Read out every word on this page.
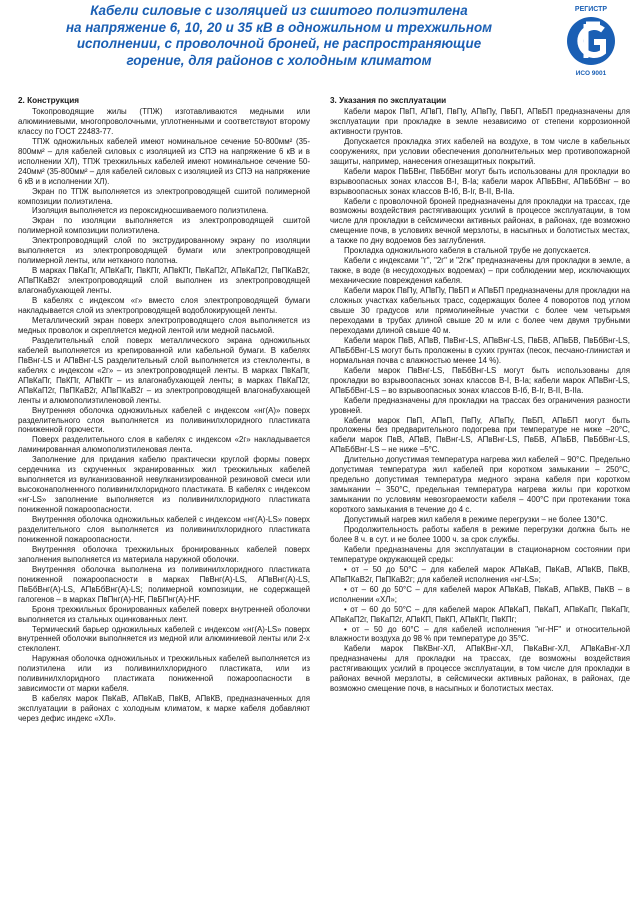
Кабели силовые с изоляцией из сшитого полиэтилена
на напряжение 6, 10, 20 и 35 кВ в одножильном и трехжильном
исполнении, с проволочной броней, не распространяющие
горение, для районов с холодным климатом
РЕГИСТР
ИСО 9001
2. Конструкция

Токопроводящие жилы (ТПЖ) изготавливаются медными или алюминиевыми, многопроволочными, уплотненными и соответствуют второму классу по ГОСТ 22483-77.

ТПЖ одножильных кабелей имеют номинальное сечение 50-800мм² (35-800мм² – для кабелей силовых с изоляцией из СПЭ на напряжение 6 кВ и в исполнении ХЛ), ТПЖ трехжильных кабелей имеют номинальное сечение 50-240мм² (35-800мм² – для кабелей силовых с изоляцией из СПЭ на напряжение 6 кВ и в исполнении ХЛ).

Экран по ТПЖ выполняется из электропроводящей сшитой полимерной композиции полиэтилена.

Изоляция выполняется из пероксидносшиваемого полиэтилена.

Экран по изоляции выполняется из электропроводящей сшитой полимерной композиции полиэтилена.

Электропроводящий слой по экструдированному экрану по изоляции выполняется из электропроводящей бумаги или электропроводящей полимерной ленты, или нетканого полотна.

В марках ПвКаПг, АПвКаПг, ПвКПг, АПвКПг, ПвКаП2г, АПвКаП2г, ПвПКаВ2г, АПвПКаВ2г электропроводящий слой выполнен из электропроводящей влагонабухающей ленты.

В кабелях с индексом «г» вместо слоя электропроводящей бумаги накладывается слой из электропроводящей водоблокирующей ленты.

Металлический экран поверх электропроводящего слоя выполняется из медных проволок и скрепляется медной лентой или медной пасьмой.

Разделительный слой поверх металлического экрана одножильных кабелей выполняется из крепированной или кабельной бумаги. В кабелях ПвВнг-LS и АПвВнг-LS разделительный слой выполняется из стеклоленты, в кабелях с индексом «2г» – из электропроводящей ленты. В марках ПвКаПг, АПвКаПг, ПвКПг, АПвКПг – из влагонабухающей ленты; в марках ПвКаП2г, АПвКаП2г, ПвПКаВ2г, АПвПКаВ2г – из электропроводящей влагонабухающей ленты и алюмополиэтиленовой ленты.

Внутренняя оболочка одножильных кабелей с индексом «нг(А)» поверх разделительного слоя выполняется из поливинилхлоридного пластиката пониженной горючести.

Поверх разделительного слоя в кабелях с индексом «2г» накладывается ламинированная алюмополиэтиленовая лента.

Заполнение для придания кабелю практически круглой формы поверх сердечника из скрученных экранированных жил трехжильных кабелей выполняется из вулканизованной невулканизированной резиновой смеси или высоконаполненного поливинилхлоридного пластиката. В кабелях с индексом «нг-LS» заполнение выполняется из поливинилхлоридного пластиката пониженной пожароопасности.

Внутренняя оболочка одножильных кабелей с индексом «нг(А)-LS» поверх разделительного слоя выполняется из поливинилхлоридного пластиката пониженной пожароопасности.

Внутренняя оболочка трехжильных бронированных кабелей поверх заполнения выполняется из материала наружной оболочки.

Внутренняя оболочка выполнена из поливинилхлоридного пластиката пониженной пожароопасности в марках ПвВнг(А)-LS, АПвВнг(А)-LS, ПвБбВнг(А)-LS, АПвБбВнг(А)-LS; полимерной композиции, не содержащей галогенов – в марках ПвПнг(А)-HF, ПвБПнг(А)-HF.

Броня трехжильных бронированных кабелей поверх внутренней оболочки выполняется из стальных оцинкованных лент.

Термический барьер одножильных кабелей с индексом «нг(А)-LS» поверх внутренней оболочки выполняется из медной или алюминиевой ленты или 2-х стеклолент.

Наружная оболочка одножильных и трехжильных кабелей выполняется из полиэтилена или из поливинилхлоридного пластиката, или из поливинилхлоридного пластиката пониженной пожароопасности в зависимости от марки кабеля.

В кабелях марок ПвКаВ, АПвКаВ, ПвКВ, АПвКВ, предназначенных для эксплуатации в районах с холодным климатом, к марке кабеля добавляют через дефис индекс «ХЛ».

3. Указания по эксплуатации

Кабели марок ПвП, АПвП, ПвПу, АПвПу, ПвБП, АПвБП предназначены для эксплуатации при прокладке в земле независимо от степени коррозионной активности грунтов.

Допускается прокладка этих кабелей на воздухе, в том числе в кабельных сооружениях, при условии обеспечения дополнительных мер противопожарной защиты, например, нанесения огнезащитных покрытий.

Кабели марок ПвБВнг, ПвБбВнг могут быть использованы для прокладки во взрывоопасных зонах классов В-I, В-Iа; кабели марок АПвБВнг, АПвБбВнг – во взрывоопасных зонах классов В-Iб, В-Iг, В-II, В-IIа.

Кабели с проволочной броней предназначены для прокладки на трассах, где возможны воздействия растягивающих усилий в процессе эксплуатации, в том числе для прокладки в сейсмически активных районах, в районах, где возможно смещение почв, в условиях вечной мерзлоты, в насыпных и болотистых местах, а также по дну водоемов без заглубления.

Прокладка одножильного кабеля в стальной трубе не допускается.

Кабели с индексами "г", "2г" и "2гж" предназначены для прокладки в земле, а также, в воде (в несудоходных водоемах) – при соблюдении мер, исключающих механические повреждения кабеля.

Кабели марок ПвПу, АПвПу, ПвБП и АПвБП предназначены для прокладки на сложных участках кабельных трасс, содержащих более 4 поворотов под углом свыше 30 градусов или прямолинейные участки с более чем четырьмя переходами в трубах длиной свыше 20 м или с более чем двумя трубными переходами длиной свыше 40 м.

Кабели марок ПвВ, АПвВ, ПвВнг-LS, АПвВнг-LS, ПвБВ, АПвБВ, ПвБбВнг-LS, АПвБбВнг-LS могут быть проложены в сухих грунтах (песок, песчано-глинистая и нормальная почва с влажностью менее 14 %).

Кабели марок ПвВнг-LS, ПвБбВнг-LS могут быть использованы для прокладки во взрывоопасных зонах классов В-I, В-Iа; кабели марок АПвВнг-LS, АПвБбВнг-LS – во взрывоопасных зонах классов В-Iб, В-Iг, В-II, В-IIа.

Кабели предназначены для прокладки на трассах без ограничения разности уровней.

Кабели марок ПвП, АПвП, ПвПу, АПвПу, ПвБП, АПвБП могут быть проложены без предварительного подогрева при температуре не ниже –20°С, кабели марок ПвВ, АПвВ, ПвВнг-LS, АПвВнг-LS, ПвБВ, АПвБВ, ПвБбВнг-LS, АПвБбВнг-LS – не ниже –5°С.

Длительно допустимая температура нагрева жил кабелей – 90°С. Предельно допустимая температура жил кабелей при коротком замыкании – 250°С, предельно допустимая температура медного экрана кабеля при коротком замыкании – 350°С, предельная температура нагрева жилы при коротком замыкании по условиям невозгораемости кабеля – 400°С при протекании тока короткого замыкания в течение до 4 с.

Допустимый нагрев жил кабеля в режиме перегрузки – не более 130°С.

Продолжительность работы кабеля в режиме перегрузки должна быть не более 8 ч. в сут. и не более 1000 ч. за срок службы.

Кабели предназначены для эксплуатации в стационарном состоянии при температуре окружающей среды:

• от – 50 до 50°С – для кабелей марок АПвКаВ, ПвКаВ, АПвКВ, ПвКВ, АПвПКаВ2г, ПвПКаВ2г; для кабелей исполнения «нг-LS»;

• от – 60 до 50°С – для кабелей марок АПвКаВ, ПвКаВ, АПвКВ, ПвКВ – в исполнении «ХЛ»;

• от – 60 до 50°С – для кабелей марок АПвКаП, ПвКаП, АПвКаПг, ПвКаПг, АПвКаП2г, ПвКаП2г, АПвКП, ПвКП, АПвКПг, ПвКПг;

• от – 50 до 60°С – для кабелей исполнения "нг-HF" и относительной влажности воздуха до 98 % при температуре до 35°С.

Кабели марок ПвКВнг-ХЛ, АПвКВнг-ХЛ, ПвКаВнг-ХЛ, АПвКаВнг-ХЛ предназначены для прокладки на трассах, где возможны воздействия растягивающих усилий в процессе эксплуатации, в том числе для прокладки в районах вечной мерзлоты, в сейсмически активных районах, в районах, где возможно смещение почв, в насыпных и болотистых местах.
